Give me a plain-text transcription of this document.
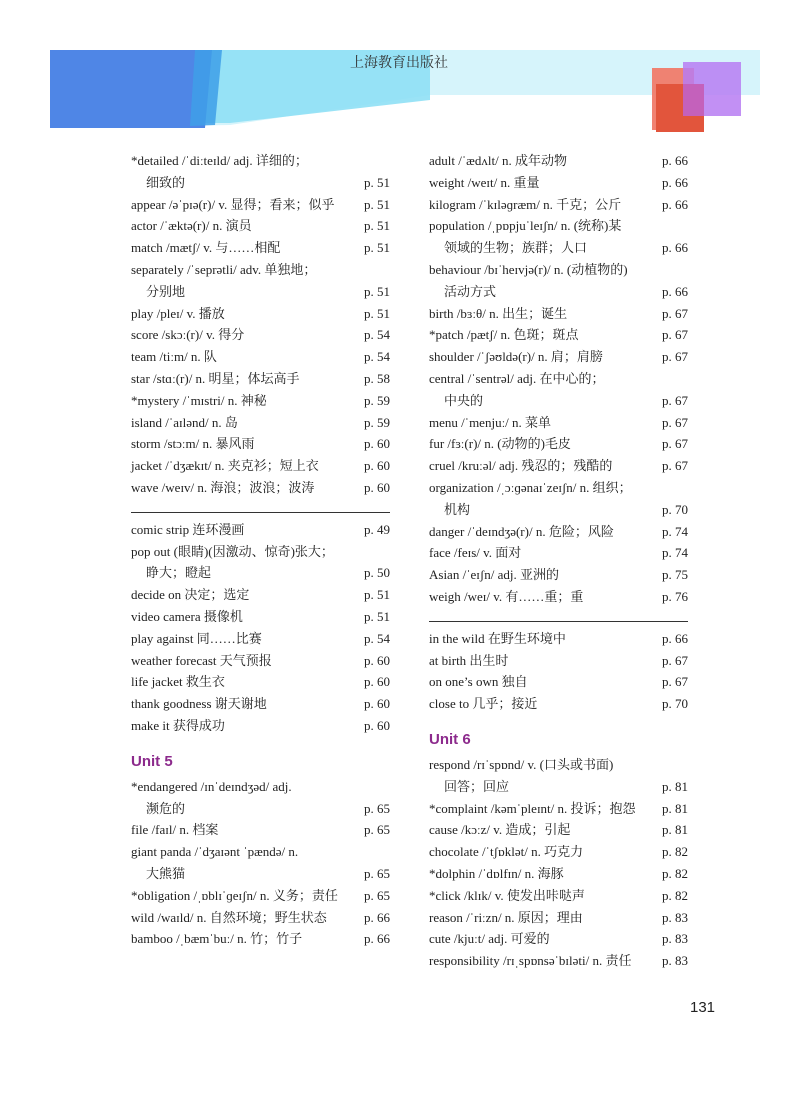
上海教育出版社
*detailed /ˈdiːteɪld/ adj. 详细的；
细致的	p. 51
appear /əˈpɪə(r)/ v. 显得；看来；似乎	p. 51
actor /ˈæktə(r)/ n. 演员	p. 51
match /mætʃ/ v. 与……相配	p. 51
separately /ˈseprətli/ adv. 单独地；
分别地	p. 51
play /pleɪ/ v. 播放	p. 51
score /skɔː(r)/ v. 得分	p. 54
team /tiːm/ n. 队	p. 54
star /stɑː(r)/ n. 明星；体坛高手	p. 58
*mystery /ˈmɪstri/ n. 神秘	p. 59
island /ˈaɪlənd/ n. 岛	p. 59
storm /stɔːm/ n. 暴风雨	p. 60
jacket /ˈdʒækɪt/ n. 夹克衫；短上衣	p. 60
wave /weɪv/ n. 海浪；波浪；波涛	p. 60
comic strip 连环漫画	p. 49
pop out (眼睛)(因激动、惊奇)张大；
睁大；瞪起	p. 50
decide on 决定；选定	p. 51
video camera 摄像机	p. 51
play against 同……比赛	p. 54
weather forecast 天气预报	p. 60
life jacket 救生衣	p. 60
thank goodness 谢天谢地	p. 60
make it 获得成功	p. 60
Unit 5
*endangered /ɪnˈdeɪndʒəd/ adj.
濒危的	p. 65
file /faɪl/ n. 档案	p. 65
giant panda /ˈdʒaɪənt ˈpændə/ n.
大熊猫	p. 65
*obligation /ˌɒblɪˈɡeɪʃn/ n. 义务；责任	p. 65
wild /waɪld/ n. 自然环境；野生状态	p. 66
bamboo /ˌbæmˈbuː/ n. 竹；竹子	p. 66
adult /ˈædʌlt/ n. 成年动物	p. 66
weight /weɪt/ n. 重量	p. 66
kilogram /ˈkɪləɡræm/ n. 千克；公斤	p. 66
population /ˌpɒpjuˈleɪʃn/ n. (统称)某
领域的生物；族群；人口	p. 66
behaviour /bɪˈheɪvjə(r)/ n. (动植物的)
活动方式	p. 66
birth /bɜːθ/ n. 出生；诞生	p. 67
*patch /pætʃ/ n. 色斑；斑点	p. 67
shoulder /ˈʃəʊldə(r)/ n. 肩；肩膀	p. 67
central /ˈsentrəl/ adj. 在中心的；
中央的	p. 67
menu /ˈmenjuː/ n. 菜单	p. 67
fur /fɜː(r)/ n. (动物的)毛皮	p. 67
cruel /kruːəl/ adj. 残忍的；残酷的	p. 67
organization /ˌɔːɡənaɪˈzeɪʃn/ n. 组织；
机构	p. 70
danger /ˈdeɪndʒə(r)/ n. 危险；风险	p. 74
face /feɪs/ v. 面对	p. 74
Asian /ˈeɪʃn/ adj. 亚洲的	p. 75
weigh /weɪ/ v. 有……重；重	p. 76
in the wild 在野生环境中	p. 66
at birth 出生时	p. 67
on one’s own 独自	p. 67
close to 几乎；接近	p. 70
Unit 6
respond /rɪˈspɒnd/ v. (口头或书面)
回答；回应	p. 81
*complaint /kəmˈpleɪnt/ n. 投诉；抱怨	p. 81
cause /kɔːz/ v. 造成；引起	p. 81
chocolate /ˈtʃɒklət/ n. 巧克力	p. 82
*dolphin /ˈdɒlfɪn/ n. 海豚	p. 82
*click /klɪk/ v. 使发出咔哒声	p. 82
reason /ˈriːzn/ n. 原因；理由	p. 83
cute /kjuːt/ adj. 可爱的	p. 83
responsibility /rɪˌspɒnsəˈbɪləti/ n. 责任	p. 83
131
